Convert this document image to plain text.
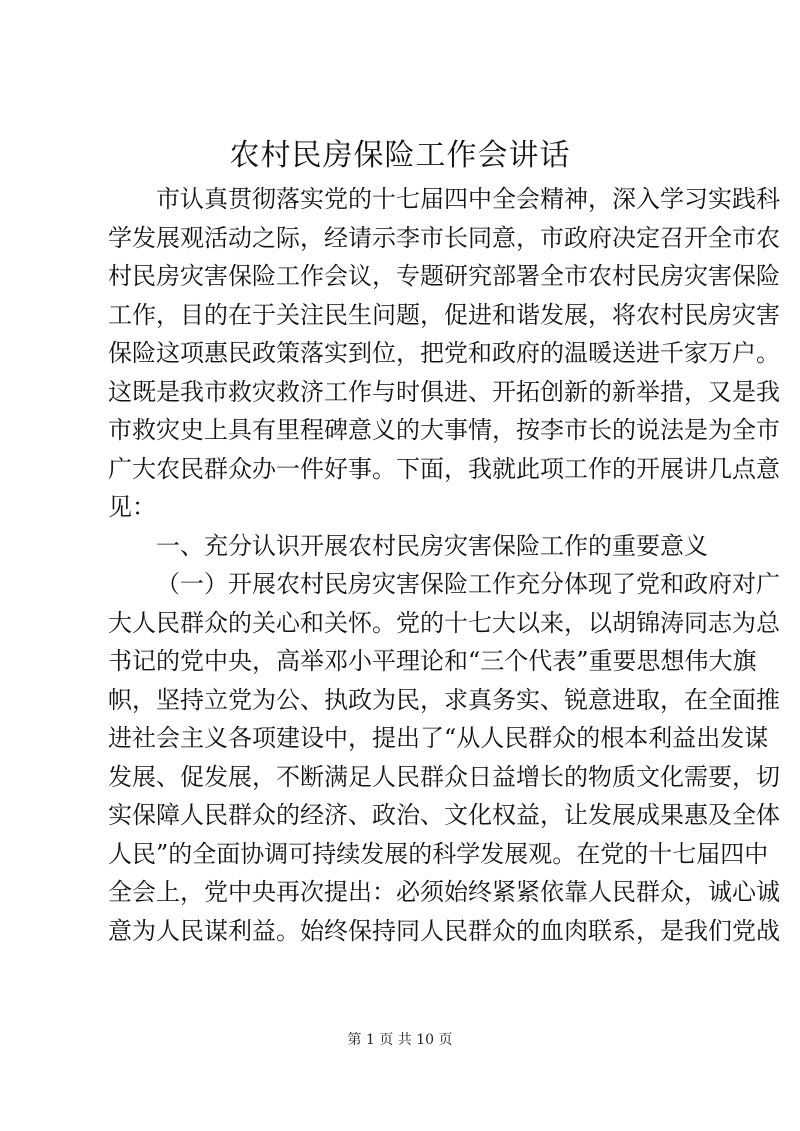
农村民房保险工作会讲话
市认真贯彻落实党的十七届四中全会精神，深入学习实践科
学发展观活动之际，经请示李市长同意，市政府决定召开全市农
村民房灾害保险工作会议，专题研究部署全市农村民房灾害保险
工作，目的在于关注民生问题，促进和谐发展，将农村民房灾害
保险这项惠民政策落实到位，把党和政府的温暖送进千家万户。
这既是我市救灾救济工作与时俱进、开拓创新的新举措，又是我
市救灾史上具有里程碑意义的大事情，按李市长的说法是为全市
广大农民群众办一件好事。下面，我就此项工作的开展讲几点意
见：
一、充分认识开展农村民房灾害保险工作的重要意义
（一）开展农村民房灾害保险工作充分体现了党和政府对广
大人民群众的关心和关怀。党的十七大以来，以胡锦涛同志为总
书记的党中央，高举邓小平理论和“三个代表”重要思想伟大旗
帜，坚持立党为公、执政为民，求真务实、锐意进取，在全面推
进社会主义各项建设中，提出了“从人民群众的根本利益出发谋
发展、促发展，不断满足人民群众日益增长的物质文化需要，切
实保障人民群众的经济、政治、文化权益，让发展成果惠及全体
人民”的全面协调可持续发展的科学发展观。在党的十七届四中
全会上，党中央再次提出：必须始终紧紧依靠人民群众，诚心诚
意为人民谋利益。始终保持同人民群众的血肉联系，是我们党战
第 1 页 共 10 页
